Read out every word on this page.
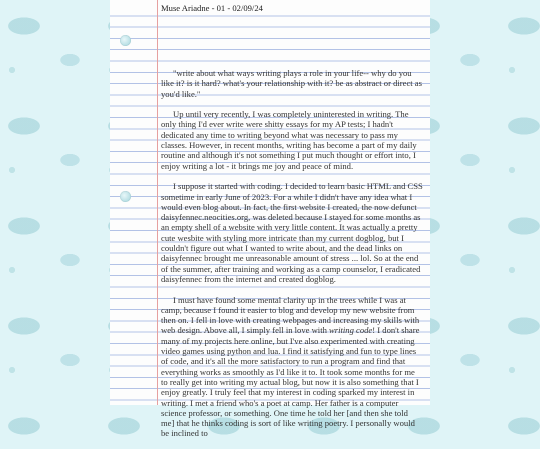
Muse Ariadne - 01 - 02/09/24

"write about what ways writing plays a role in your life-- why do you like it? is it hard? what's your relationship with it? be as abstract or direct as you'd like."

Up until very recently, I was completely uninterested in writing. The only thing I'd ever write were shitty essays for my AP tests; I hadn't dedicated any time to writing beyond what was necessary to pass my classes. However, in recent months, writing has become a part of my daily routine and although it's not something I put much thought or effort into, I enjoy writing a lot - it brings me joy and peace of mind.

I suppose it started with coding. I decided to learn basic HTML and CSS sometime in early June of 2023. For a while I didn't have any idea what I would even blog about. In fact, the first website I created, the now defunct daisyfennec.neocities.org, was deleted because I stayed for some months as an empty shell of a website with very little content. It was actually a pretty cute wesbite with styling more intricate than my current dogblog, but I couldn't figure out what I wanted to write about, and the dead links on daisyfennec brought me unreasonable amount of stress ... lol. So at the end of the summer, after training and working as a camp counselor, I eradicated daisyfennec from the internet and created dogblog.

I must have found some mental clarity up in the trees while I was at camp, because I found it easier to blog and develop my new website from then on. I fell in love with creating webpages and increasing my skills with web design. Above all, I simply fell in love with writing code! I don't share many of my projects here online, but I've also experimented with creating video games using python and lua. I find it satisfying and fun to type lines of code, and it's all the more satisfactory to run a program and find that everything works as smoothly as I'd like it to. It took some months for me to really get into writing my actual blog, but now it is also something that I enjoy greatly. I truly feel that my interest in coding sparked my interest in writing. I met a friend who's a poet at camp. Her father is a computer science professor, or something. One time he told her [and then she told me] that he thinks coding is sort of like writing poetry. I personally would be inclined to
